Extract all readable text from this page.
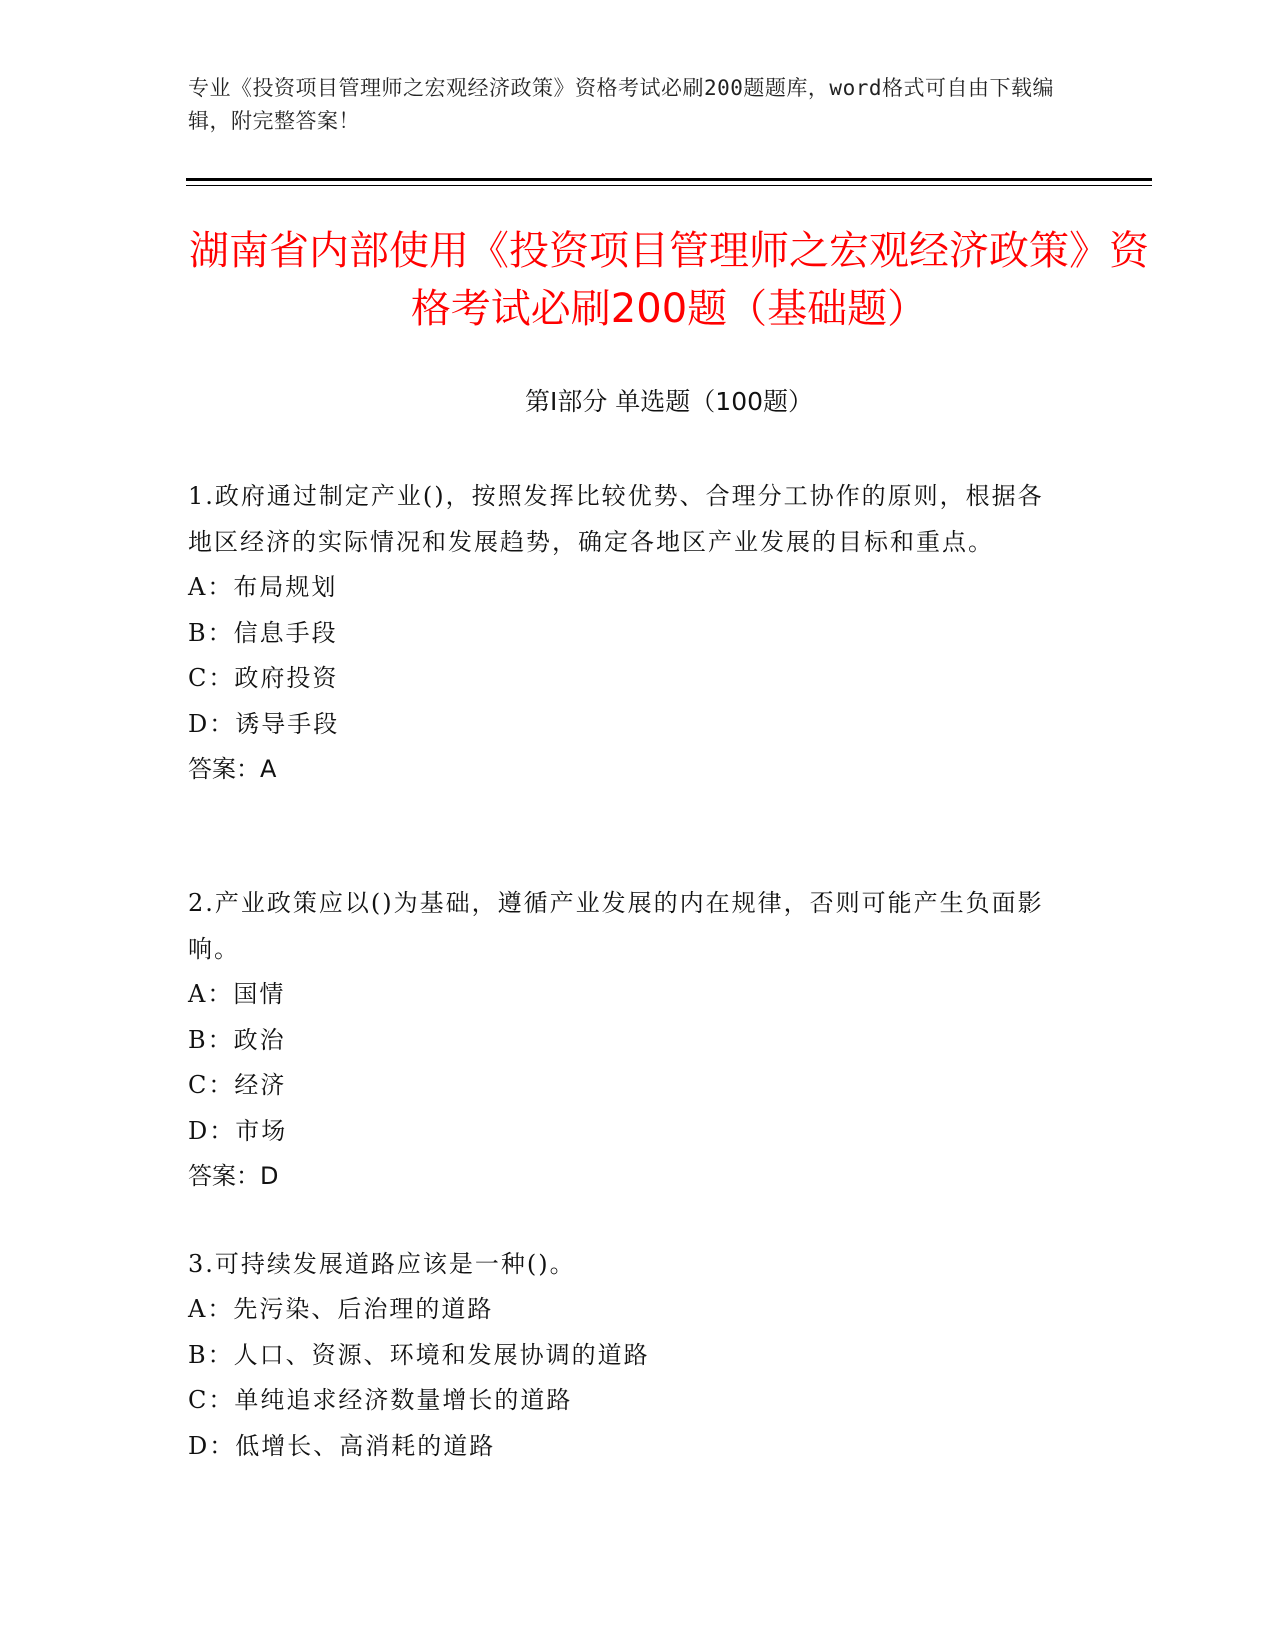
专业《投资项目管理师之宏观经济政策》资格考试必刷200题题库，word格式可自由下载编辑，附完整答案！
湖南省内部使用《投资项目管理师之宏观经济政策》资格考试必刷200题（基础题）
第Ⅰ部分 单选题（100题）

1.政府通过制定产业()，按照发挥比较优势、合理分工协作的原则，根据各地区经济的实际情况和发展趋势，确定各地区产业发展的目标和重点。

A：布局规划

B：信息手段

C：政府投资

D：诱导手段

答案：A

2.产业政策应以()为基础，遵循产业发展的内在规律，否则可能产生负面影响。

A：国情

B：政治

C：经济

D：市场

答案：D

3.可持续发展道路应该是一种()。

A：先污染、后治理的道路

B：人口、资源、环境和发展协调的道路

C：单纯追求经济数量增长的道路

D：低增长、高消耗的道路
